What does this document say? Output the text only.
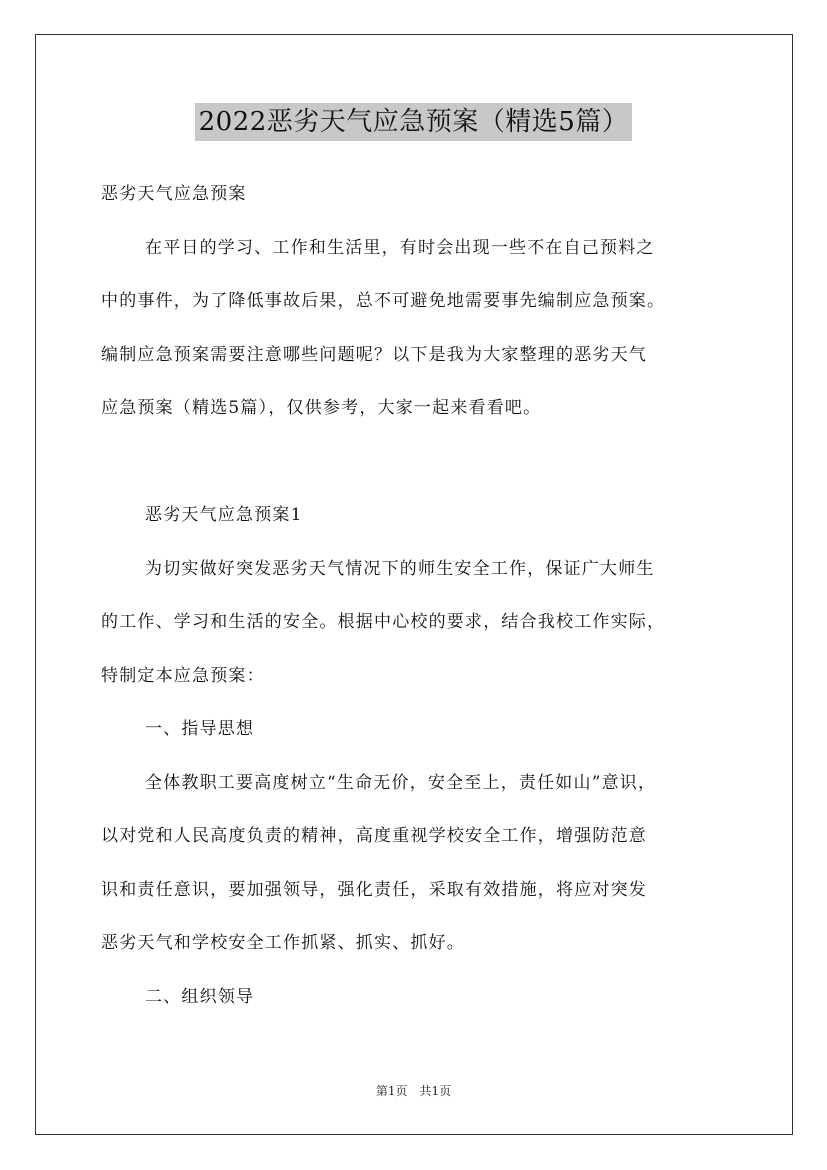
2022恶劣天气应急预案（精选5篇）
恶劣天气应急预案
在平日的学习、工作和生活里，有时会出现一些不在自己预料之
中的事件，为了降低事故后果，总不可避免地需要事先编制应急预案。
编制应急预案需要注意哪些问题呢？以下是我为大家整理的恶劣天气
应急预案（精选5篇），仅供参考，大家一起来看看吧。
恶劣天气应急预案1
为切实做好突发恶劣天气情况下的师生安全工作，保证广大师生
的工作、学习和生活的安全。根据中心校的要求，结合我校工作实际，
特制定本应急预案：
一、指导思想
全体教职工要高度树立“生命无价，安全至上，责任如山”意识，
以对党和人民高度负责的精神，高度重视学校安全工作，增强防范意
识和责任意识，要加强领导，强化责任，采取有效措施，将应对突发
恶劣天气和学校安全工作抓紧、抓实、抓好。
二、组织领导
第1页　共1页
